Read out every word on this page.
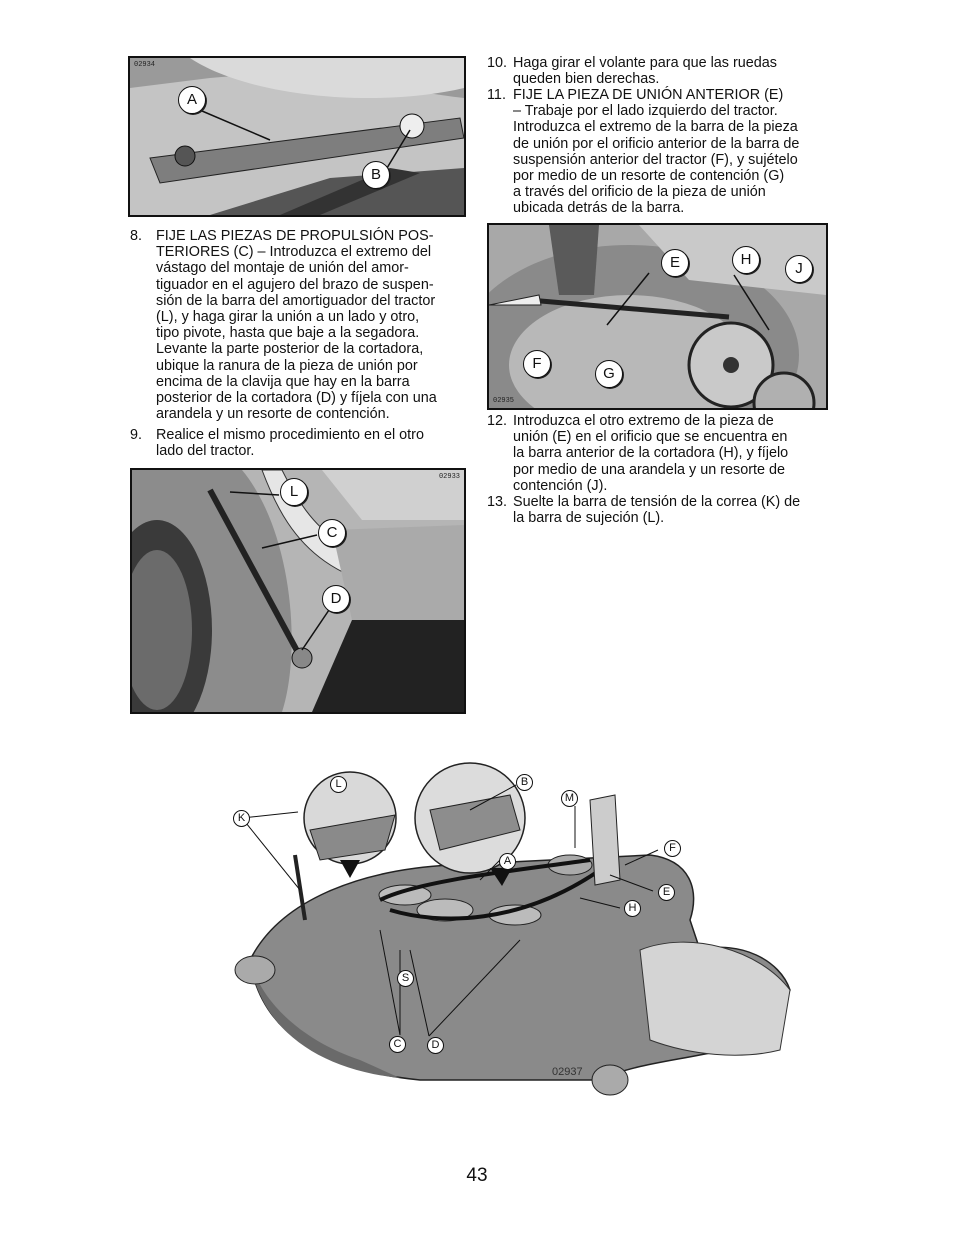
02934
A
B
8. FIJE LAS PIEZAS DE PROPULSIÓN POS-
TERIORES (C) – Introduzca el extremo del
vástago del montaje de unión del amor-
tiguador en el agujero del brazo de suspen-
sión de la barra del amortiguador del tractor
(L), y haga girar la unión a un lado y otro,
tipo pivote, hasta que baje a la segadora.
Levante la parte posterior de la cortadora,
ubique la ranura de la pieza de unión por
encima de la clavija que hay en la barra
posterior de la cortadora (D) y fíjela con una
arandela y un resorte de contención.
9. Realice el mismo procedimiento en el otro
lado del tractor.
02933
L
C
D
10. Haga girar el volante para que las ruedas
queden bien derechas.
11. FIJE LA PIEZA DE UNIÓN ANTERIOR (E)
– Trabaje por el lado izquierdo del tractor.
Introduzca el extremo de la barra de la pieza
de unión por el orificio anterior de la barra de
suspensión anterior del tractor (F), y sujételo
por medio de un resorte de contención (G)
a través del orificio de la pieza de unión
ubicada detrás de la barra.
02935
E	H
J
F
G
12. Introduzca el otro extremo de la pieza de
unión (E) en el orificio que se encuentra en
la barra anterior de la cortadora (H), y fíjelo
por medio de una arandela y un resorte de
contención (J).
13. Suelte la barra de tensión de la correa (K) de
la barra de sujeción (L).
L
K
B
M
F
A
E
H
S
C	D
02937
43
